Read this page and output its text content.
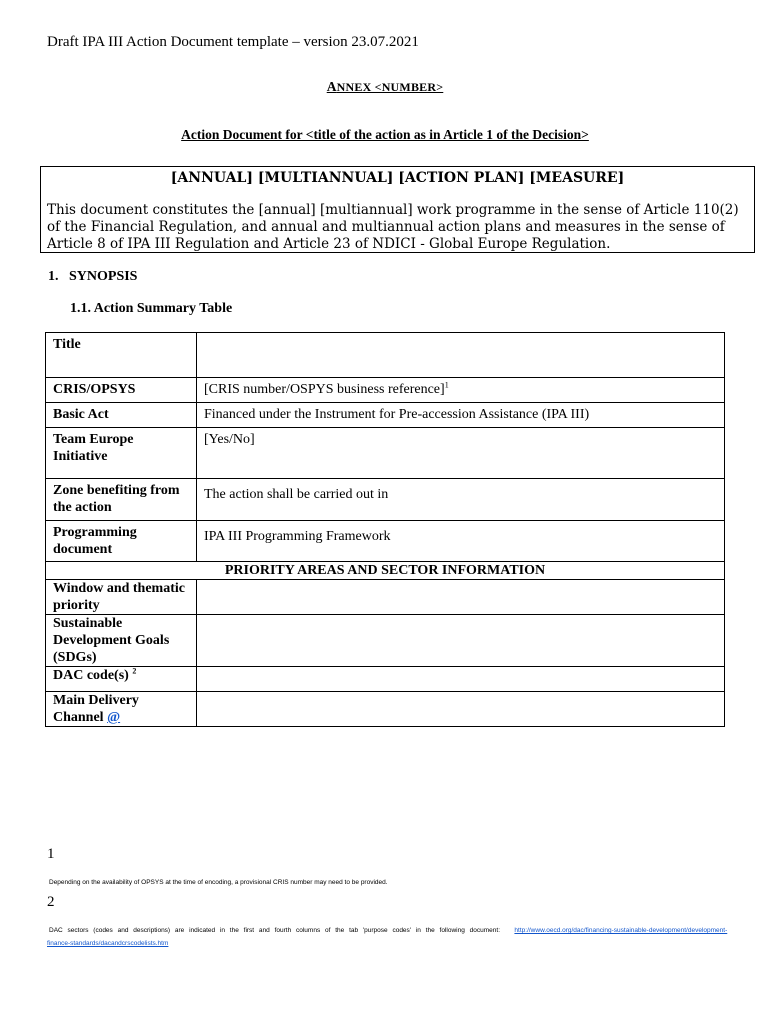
Draft IPA III Action Document template – version 23.07.2021
ANNEX <NUMBER>
Action Document for <title of the action as in Article 1 of the Decision>
[ANNUAL] [MULTIANNUAL] [ACTION PLAN] [MEASURE]
This document constitutes the [annual] [multiannual] work programme in the sense of Article 110(2) of the Financial Regulation, and annual and multiannual action plans and measures in the sense of Article 8 of IPA III Regulation and Article 23 of NDICI - Global Europe Regulation.
1.   SYNOPSIS
1.1. Action Summary Table
Title	
CRIS/OPSYS	[CRIS number/OSPYS business reference]$^1$
Basic Act	Financed under the Instrument for Pre-accession Assistance (IPA III)
Team Europe Initiative	[Yes/No]
Zone benefiting from the action	The action shall be carried out in
Programming document	IPA III Programming Framework
PRIORITY AREAS AND SECTOR INFORMATION	
Window and thematic priority	
Sustainable Development Goals (SDGs)	
DAC code(s) $^2$	
Main Delivery Channel @	
1
Depending on the availability of OPSYS at the time of encoding, a provisional CRIS number may need to be provided.
2
DAC sectors (codes and descriptions) are indicated in the first and fourth columns of the tab 'purpose codes' in the following document: http://www.oecd.org/dac/financing-sustainable-development/development-
finance-standards/dacandcrscodelists.htm
